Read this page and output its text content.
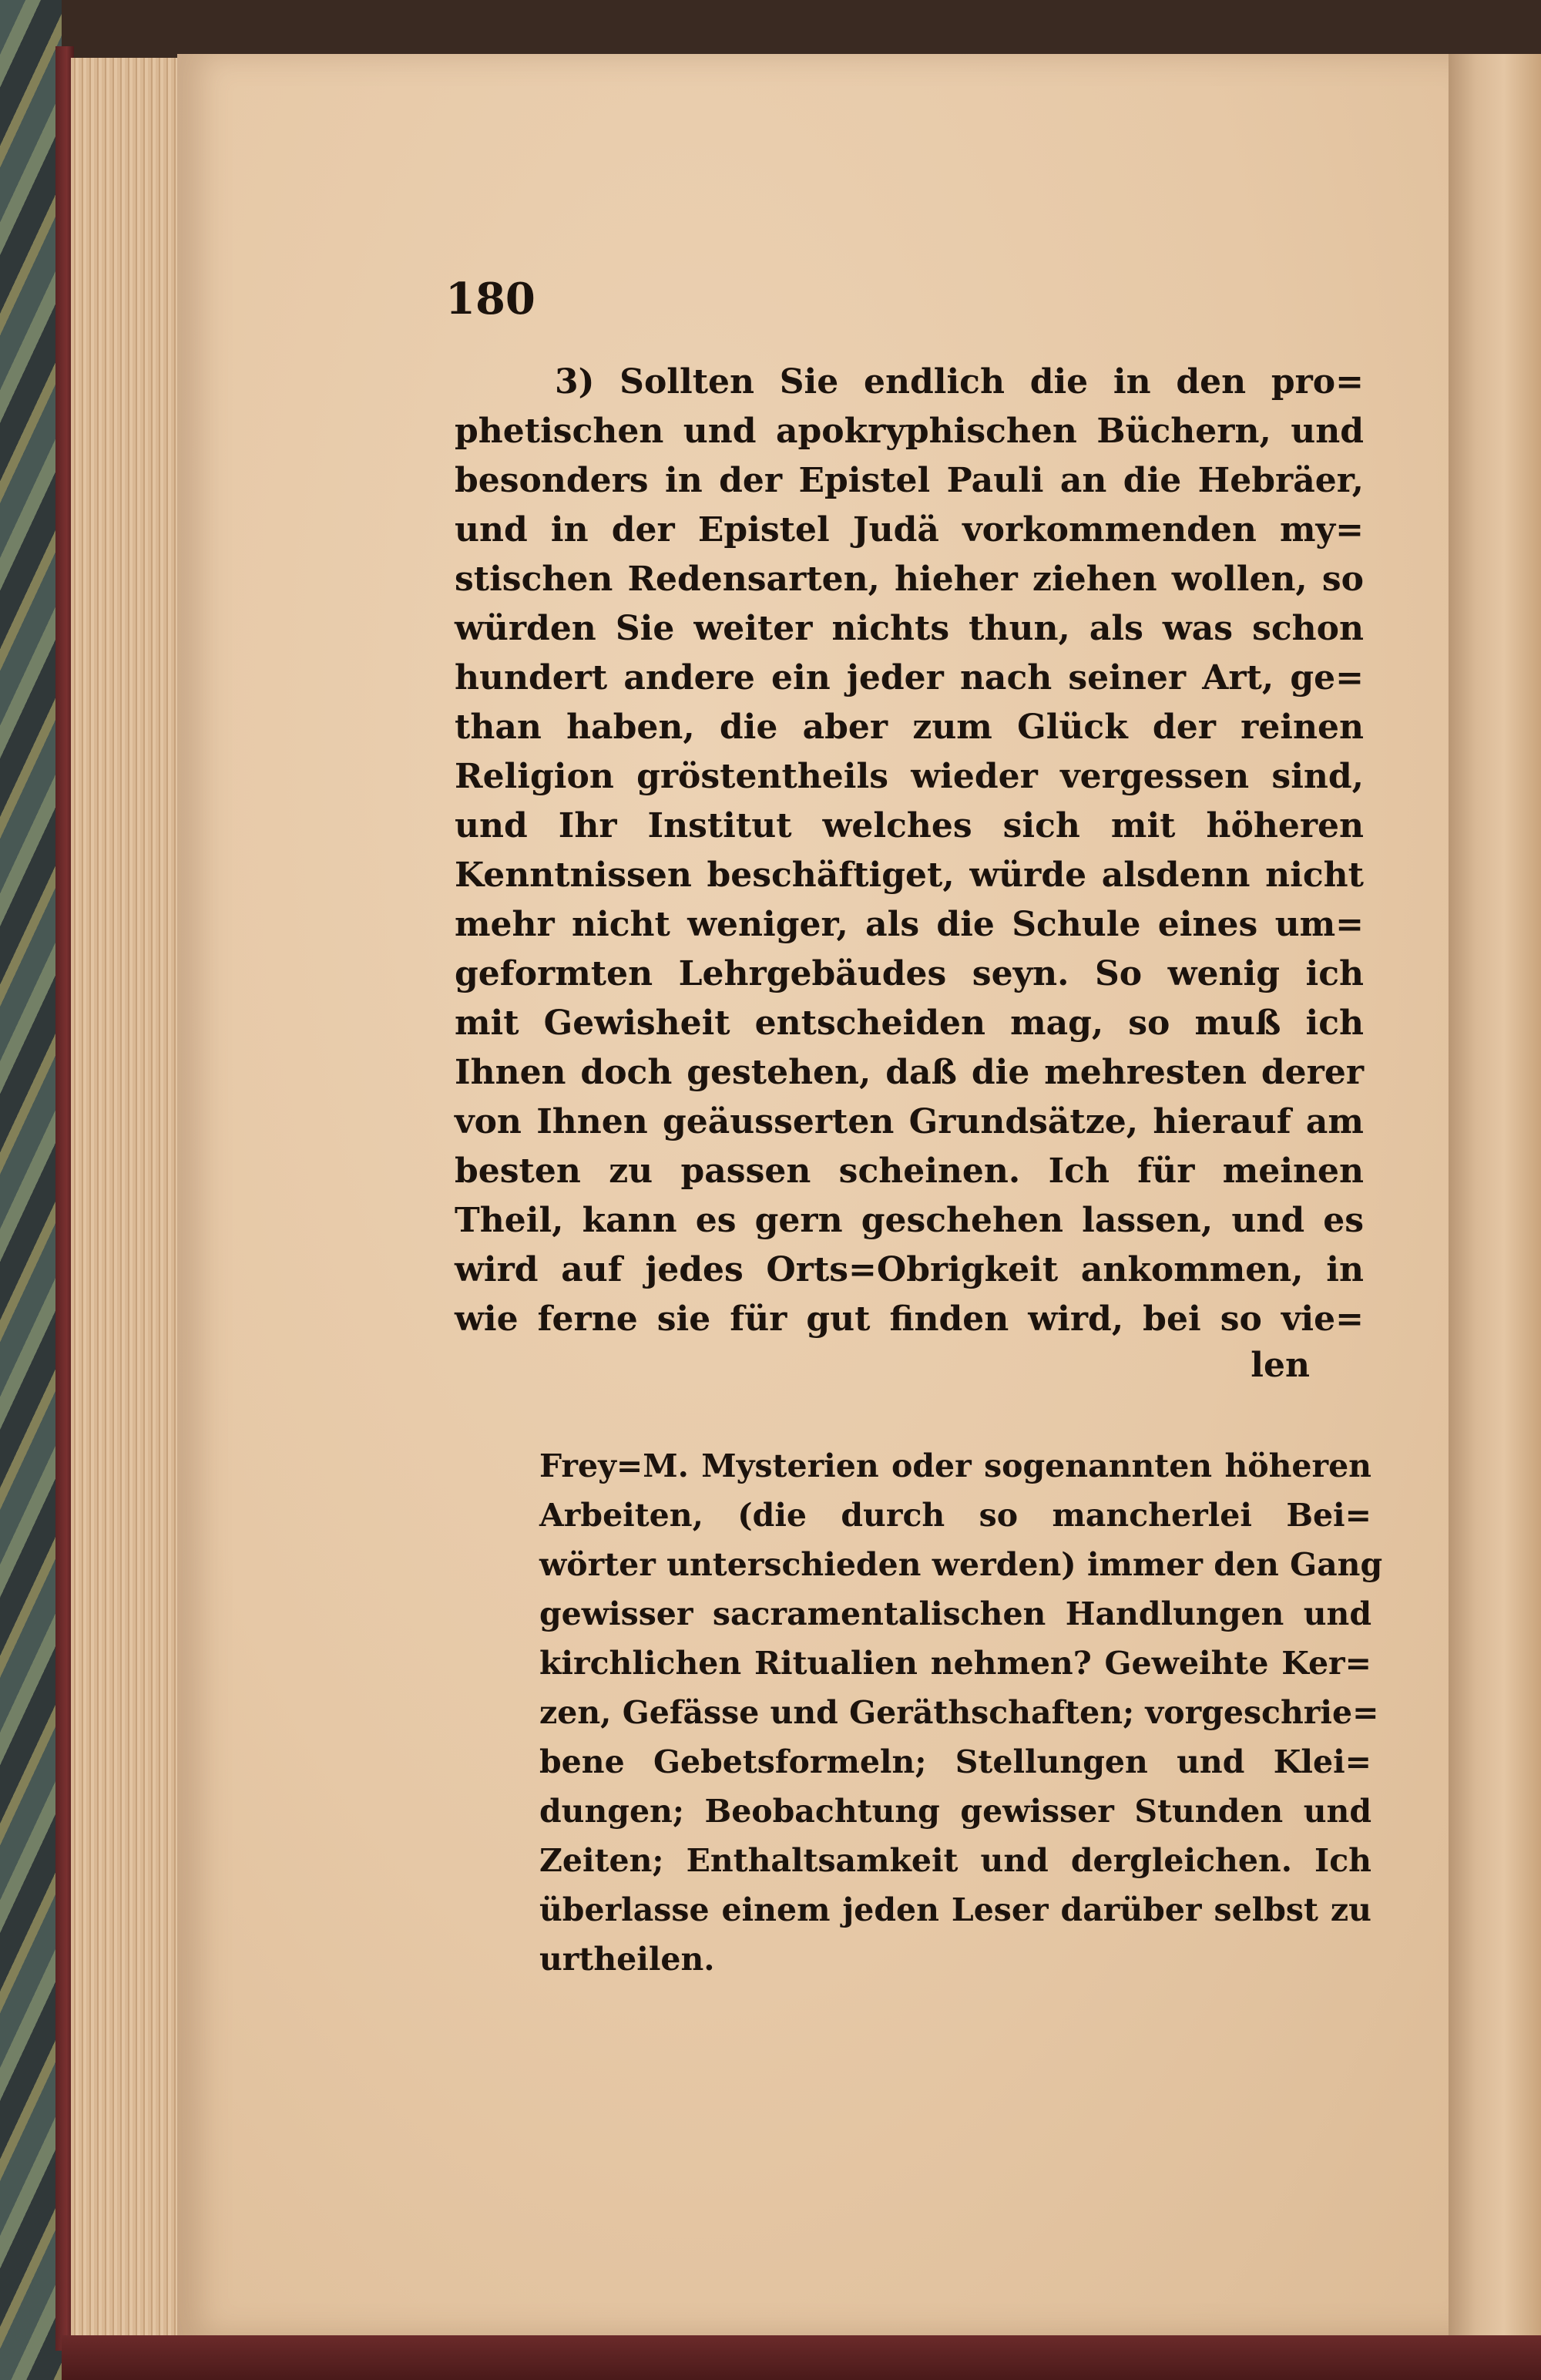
180
3) Sollten Sie endlich die in den pro=
phetischen und apokryphischen Büchern, und
besonders in der Epistel Pauli an die Hebräer,
und in der Epistel Judä vorkommenden my=
stischen Redensarten, hieher ziehen wollen, so
würden Sie weiter nichts thun, als was schon
hundert andere ein jeder nach seiner Art, ge=
than haben, die aber zum Glück der reinen
Religion gröstentheils wieder vergessen sind,
und Ihr Institut welches sich mit höheren
Kenntnissen beschäftiget, würde alsdenn nicht
mehr nicht weniger, als die Schule eines um=
geformten Lehrgebäudes seyn. So wenig ich
mit Gewisheit entscheiden mag, so muß ich
Ihnen doch gestehen, daß die mehresten derer
von Ihnen geäusserten Grundsätze, hierauf am
besten zu passen scheinen. Ich für meinen
Theil, kann es gern geschehen lassen, und es
wird auf jedes Orts=Obrigkeit ankommen, in
wie ferne sie für gut finden wird, bei so vie=
len
Frey=M. Mysterien oder sogenannten höheren
Arbeiten, (die durch so mancherlei Bei=
wörter unterschieden werden) immer den Gang
gewisser sacramentalischen Handlungen und
kirchlichen Ritualien nehmen? Geweihte Ker=
zen, Gefässe und Geräthschaften; vorgeschrie=
bene Gebetsformeln; Stellungen und Klei=
dungen; Beobachtung gewisser Stunden und
Zeiten; Enthaltsamkeit und dergleichen. Ich
überlasse einem jeden Leser darüber selbst zu
urtheilen.
